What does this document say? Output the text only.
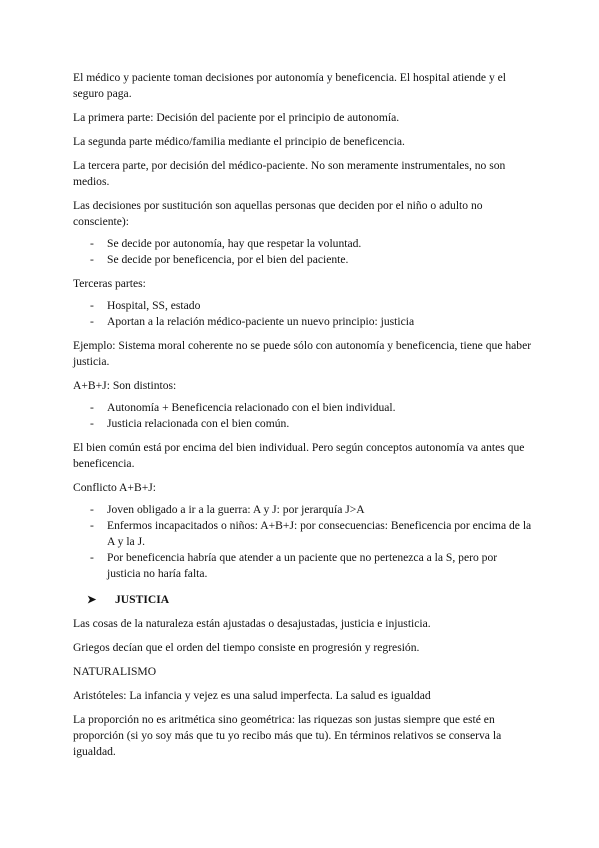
El médico y paciente toman decisiones por autonomía y beneficencia. El hospital atiende y el seguro paga.

La primera parte: Decisión del paciente por el principio de autonomía.

La segunda parte médico/familia mediante el principio de beneficencia.

La tercera parte, por decisión del médico-paciente. No son meramente instrumentales, no son medios.

Las decisiones por sustitución son aquellas personas que deciden por el niño o adulto no consciente):

- Se decide por autonomía, hay que respetar la voluntad.
- Se decide por beneficencia, por el bien del paciente.

Terceras partes:

- Hospital, SS, estado
- Aportan a la relación médico-paciente un nuevo principio: justicia

Ejemplo: Sistema moral coherente no se puede sólo con autonomía y beneficencia, tiene que haber justicia.

A+B+J: Son distintos:

- Autonomía + Beneficencia relacionado con el bien individual.
- Justicia relacionada con el bien común.

El bien común está por encima del bien individual. Pero según conceptos autonomía va antes que beneficencia.

Conflicto A+B+J:

- Joven obligado a ir a la guerra: A y J: por jerarquía J>A
- Enfermos incapacitados o niños: A+B+J: por consecuencias: Beneficencia por encima de la A y la J.
- Por beneficencia habría que atender a un paciente que no pertenezca a la S, pero por justicia no haría falta.
➤	JUSTICIA

Las cosas de la naturaleza están ajustadas o desajustadas, justicia e injusticia.

Griegos decían que el orden del tiempo consiste en progresión y regresión.

NATURALISMO

Aristóteles: La infancia y vejez es una salud imperfecta. La salud es igualdad

La proporción no es aritmética sino geométrica: las riquezas son justas siempre que esté en proporción (si yo soy más que tu yo recibo más que tu). En términos relativos se conserva la igualdad.
